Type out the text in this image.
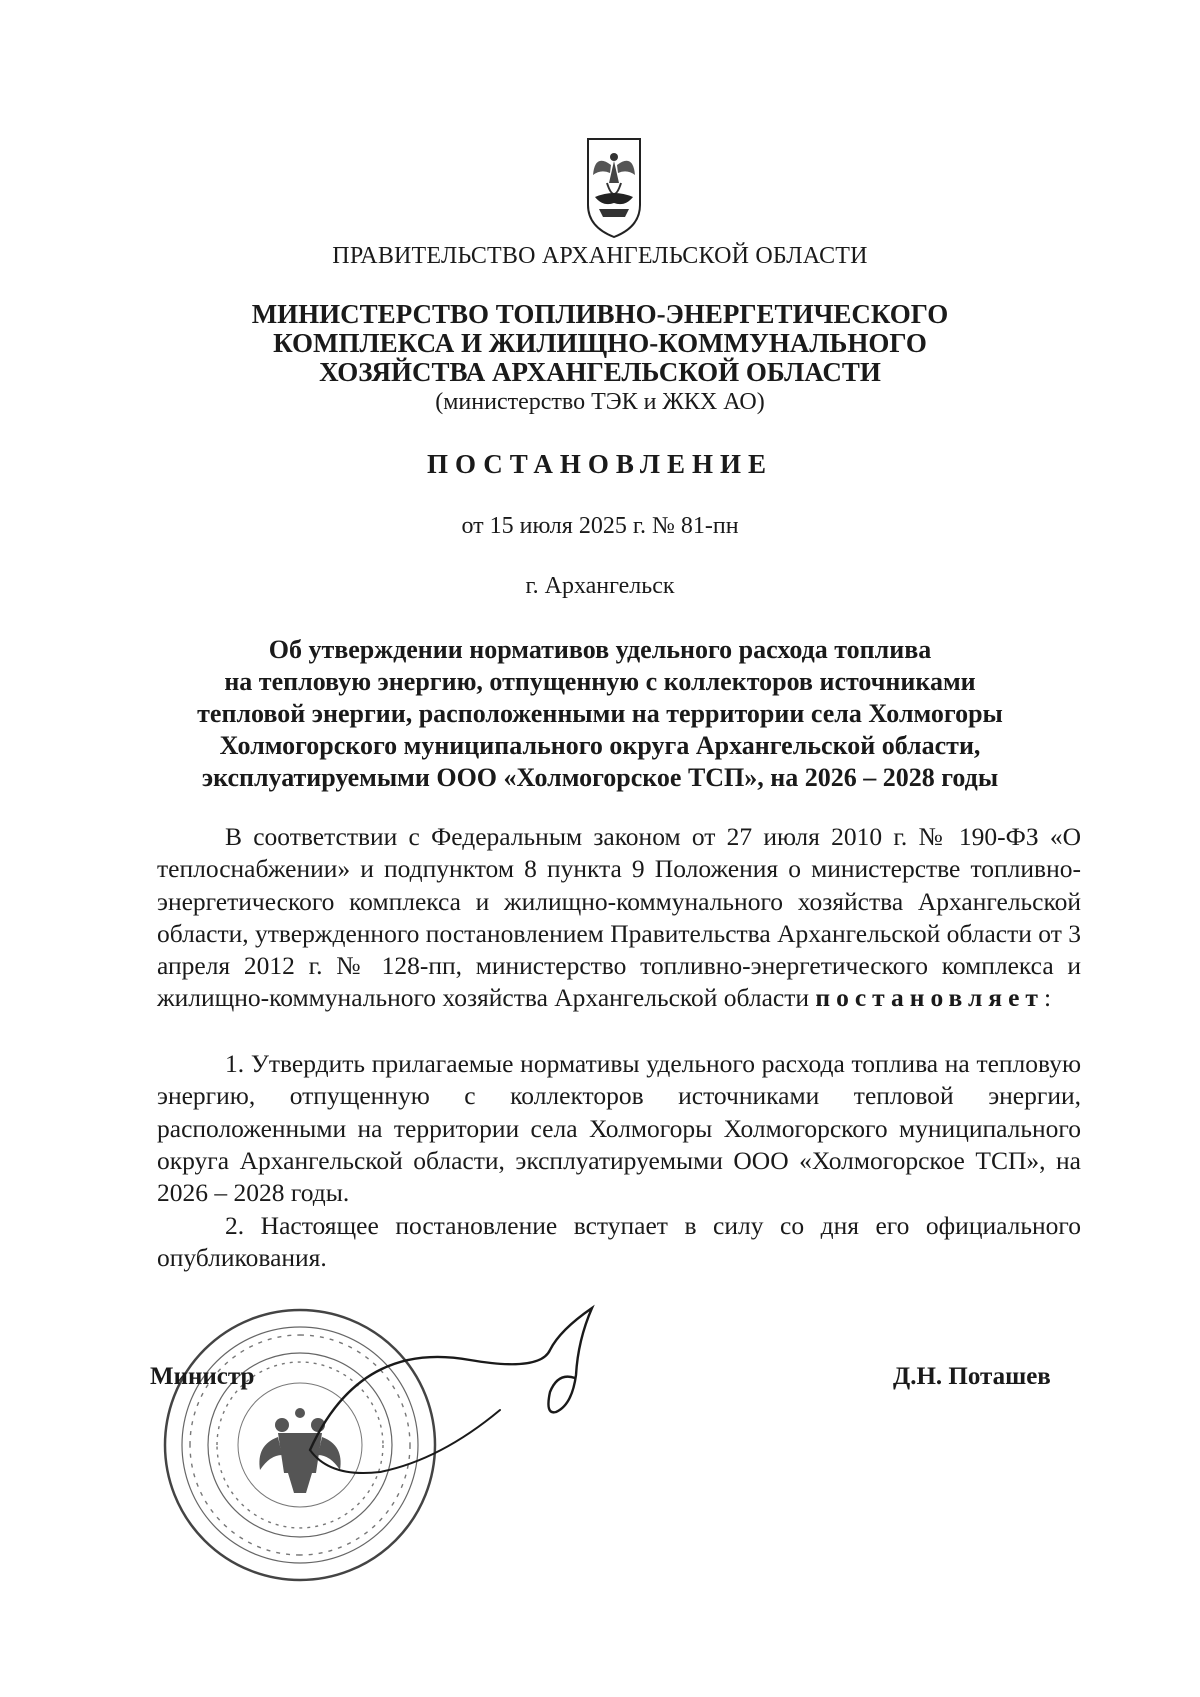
ПРАВИТЕЛЬСТВО АРХАНГЕЛЬСКОЙ ОБЛАСТИ
МИНИСТЕРСТВО ТОПЛИВНО-ЭНЕРГЕТИЧЕСКОГО
КОМПЛЕКСА И ЖИЛИЩНО-КОММУНАЛЬНОГО
ХОЗЯЙСТВА АРХАНГЕЛЬСКОЙ ОБЛАСТИ
(министерство ТЭК и ЖКХ АО)
ПОСТАНОВЛЕНИЕ
от 15 июля 2025 г. № 81-пн
г. Архангельск
Об утверждении нормативов удельного расхода топлива
на тепловую энергию, отпущенную с коллекторов источниками
тепловой энергии, расположенными на территории села Холмогоры
Холмогорского муниципального округа Архангельской области,
эксплуатируемыми ООО «Холмогорское ТСП», на 2026 – 2028 годы
В соответствии с Федеральным законом от 27 июля 2010 г. № 190-ФЗ «О теплоснабжении» и подпунктом 8 пункта 9 Положения о министерстве топливно-энергетического комплекса и жилищно-коммунального хозяйства Архангельской области, утвержденного постановлением Правительства Архангельской области от 3 апреля 2012 г. № 128-пп, министерство топливно-энергетического комплекса и жилищно-коммунального хозяйства Архангельской области постановляет:
1. Утвердить прилагаемые нормативы удельного расхода топлива на тепловую энергию, отпущенную с коллекторов источниками тепловой энергии, расположенными на территории села Холмогоры Холмогорского муниципального округа Архангельской области, эксплуатируемыми ООО «Холмогорское ТСП», на 2026 – 2028 годы.
2. Настоящее постановление вступает в силу со дня его официального опубликования.
Министр	Д.Н. Поташев
